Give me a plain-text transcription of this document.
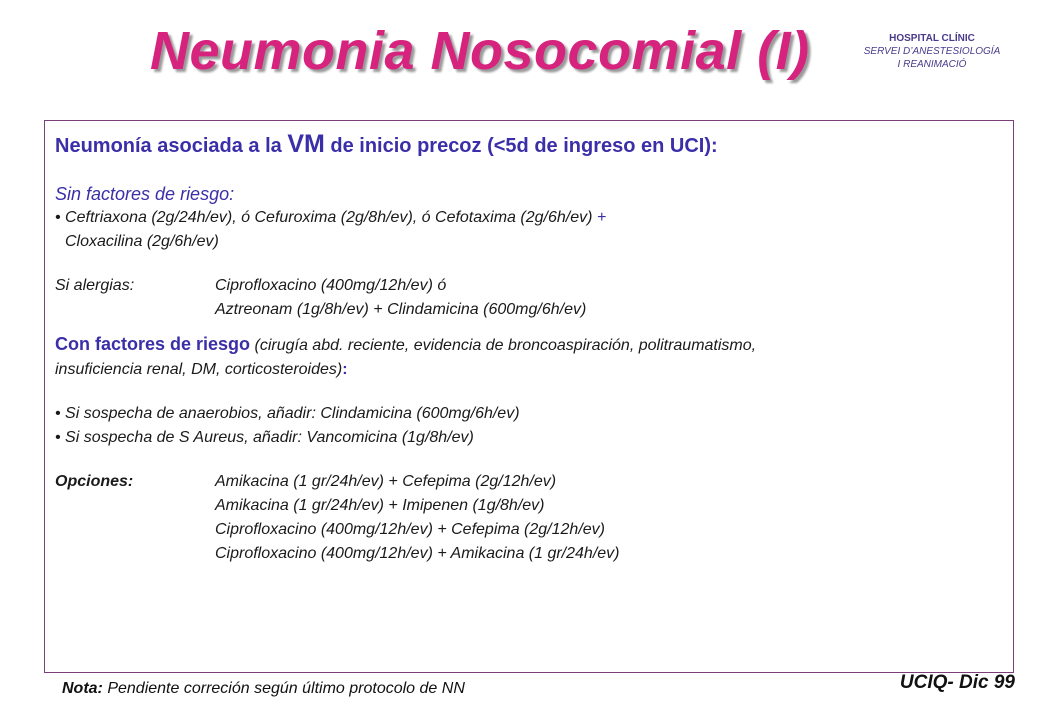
Neumonia Nosocomial (I)	HOSPITAL CLÍNIC
SERVEI D’ANESTESIOLOGÍA
I REANIMACIÓ
Neumonía asociada a la VM de inicio precoz (<5d de ingreso en UCI):
Sin factores de riesgo:
• Ceftriaxona (2g/24h/ev), ó Cefuroxima (2g/8h/ev), ó Cefotaxima (2g/6h/ev) +
Cloxacilina (2g/6h/ev)
Si alergias:	Ciprofloxacino (400mg/12h/ev) ó
Aztreonam (1g/8h/ev) + Clindamicina (600mg/6h/ev)
Con factores de riesgo (cirugía abd. reciente, evidencia de broncoaspiración, politraumatismo,
insuficiencia renal, DM, corticosteroides):
• Si sospecha de anaerobios, añadir: Clindamicina (600mg/6h/ev)
• Si sospecha de S Aureus, añadir: Vancomicina (1g/8h/ev)
Opciones:	Amikacina (1 gr/24h/ev) + Cefepima (2g/12h/ev)
Amikacina (1 gr/24h/ev) + Imipenen (1g/8h/ev)
Ciprofloxacino (400mg/12h/ev) + Cefepima (2g/12h/ev)
Ciprofloxacino (400mg/12h/ev) + Amikacina (1 gr/24h/ev)
Nota: Pendiente correción según último protocolo de NN	UCIQ- Dic 99
